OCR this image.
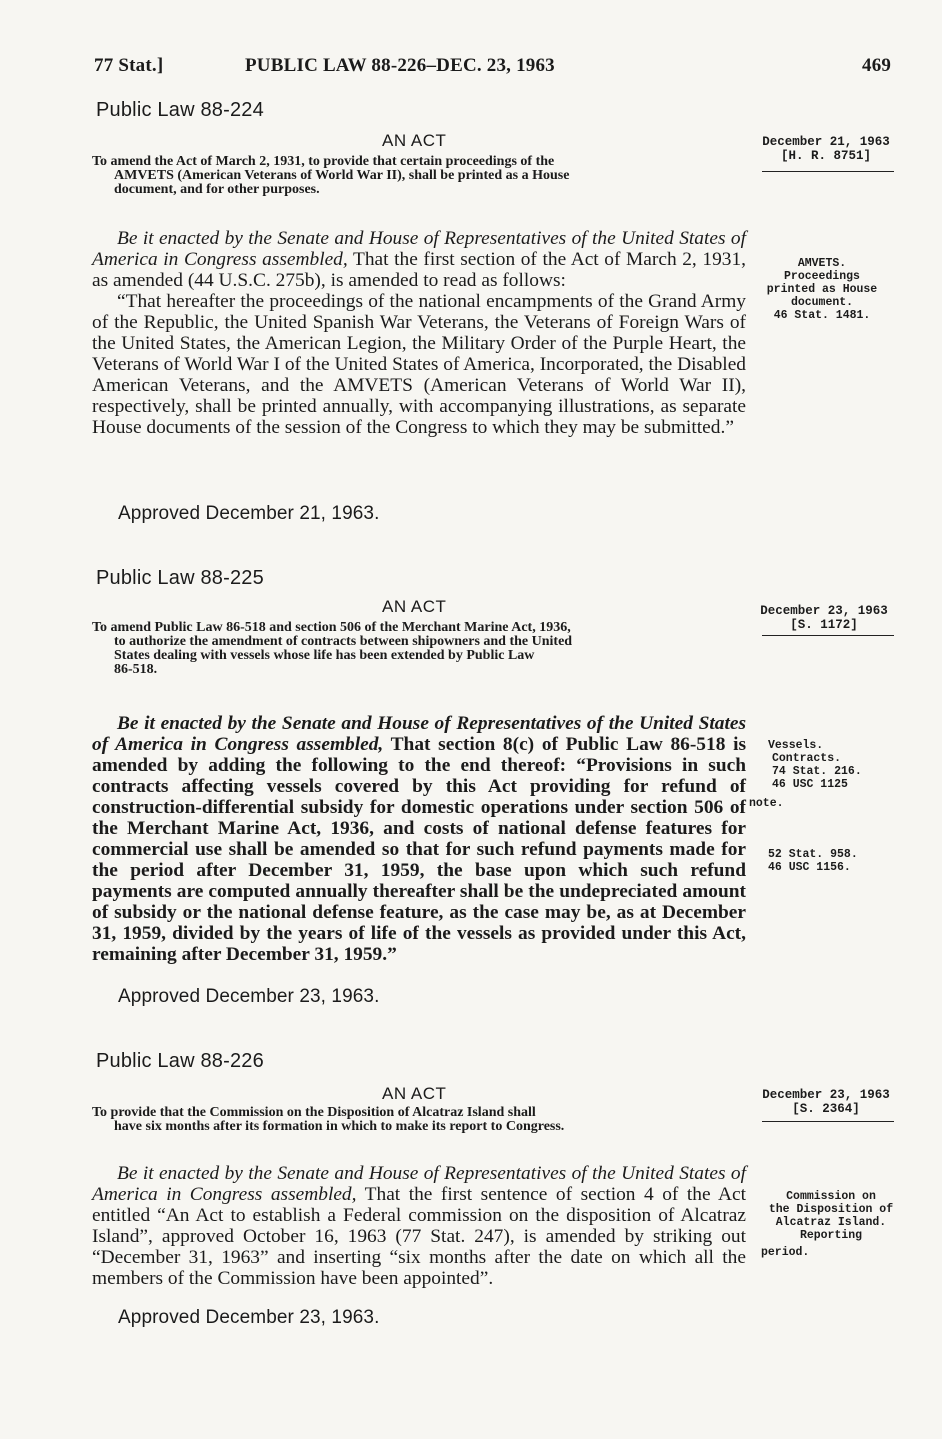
77 Stat.]	PUBLIC LAW 88-226–DEC. 23, 1963	469
Public Law 88-224
AN ACT
To amend the Act of March 2, 1931, to provide that certain proceedings of the
AMVETS (American Veterans of World War II), shall be printed as a House
document, and for other purposes.
December 21, 1963
[H. R. 8751]

Be it enacted by the Senate and House of Representatives of the United States of America in Congress assembled, That the first section of the Act of March 2, 1931, as amended (44 U.S.C. 275b), is amended to read as follows:

“That hereafter the proceedings of the national encampments of the Grand Army of the Republic, the United Spanish War Veterans, the Veterans of Foreign Wars of the United States, the American Legion, the Military Order of the Purple Heart, the Veterans of World War I of the United States of America, Incorporated, the Disabled American Veterans, and the AMVETS (American Veterans of World War II), respectively, shall be printed annually, with accompanying illustrations, as separate House documents of the session of the Congress to which they may be submitted.”

Approved December 21, 1963.
AMVETS.
Proceedings
printed as House
document.
46 Stat. 1481.
Public Law 88-225
AN ACT
To amend Public Law 86-518 and section 506 of the Merchant Marine Act, 1936,
to authorize the amendment of contracts between shipowners and the United
States dealing with vessels whose life has been extended by Public Law
86-518.
December 23, 1963
[S. 1172]

Be it enacted by the Senate and House of Representatives of the United States of America in Congress assembled, That section 8(c) of Public Law 86-518 is amended by adding the following to the end thereof: “Provisions in such contracts affecting vessels covered by this Act providing for refund of construction-differential subsidy for domestic operations under section 506 of the Merchant Marine Act, 1936, and costs of national defense features for commercial use shall be amended so that for such refund payments made for the period after December 31, 1959, the base upon which such refund payments are computed annually thereafter shall be the undepreciated amount of subsidy or the national defense feature, as the case may be, as at December 31, 1959, divided by the years of life of the vessels as provided under this Act, remaining after December 31, 1959.”

Approved December 23, 1963.
Vessels.
Contracts.
74 Stat. 216.
46 USC 1125
note.
52 Stat. 958.
46 USC 1156.
Public Law 88-226
AN ACT
To provide that the Commission on the Disposition of Alcatraz Island shall
have six months after its formation in which to make its report to Congress.
December 23, 1963
[S. 2364]

Be it enacted by the Senate and House of Representatives of the United States of America in Congress assembled, That the first sentence of section 4 of the Act entitled “An Act to establish a Federal commission on the disposition of Alcatraz Island”, approved October 16, 1963 (77 Stat. 247), is amended by striking out “December 31, 1963” and inserting “six months after the date on which all the members of the Commission have been appointed”.

Approved December 23, 1963.
Commission on
the Disposition of
Alcatraz Island.
Reporting
period.
